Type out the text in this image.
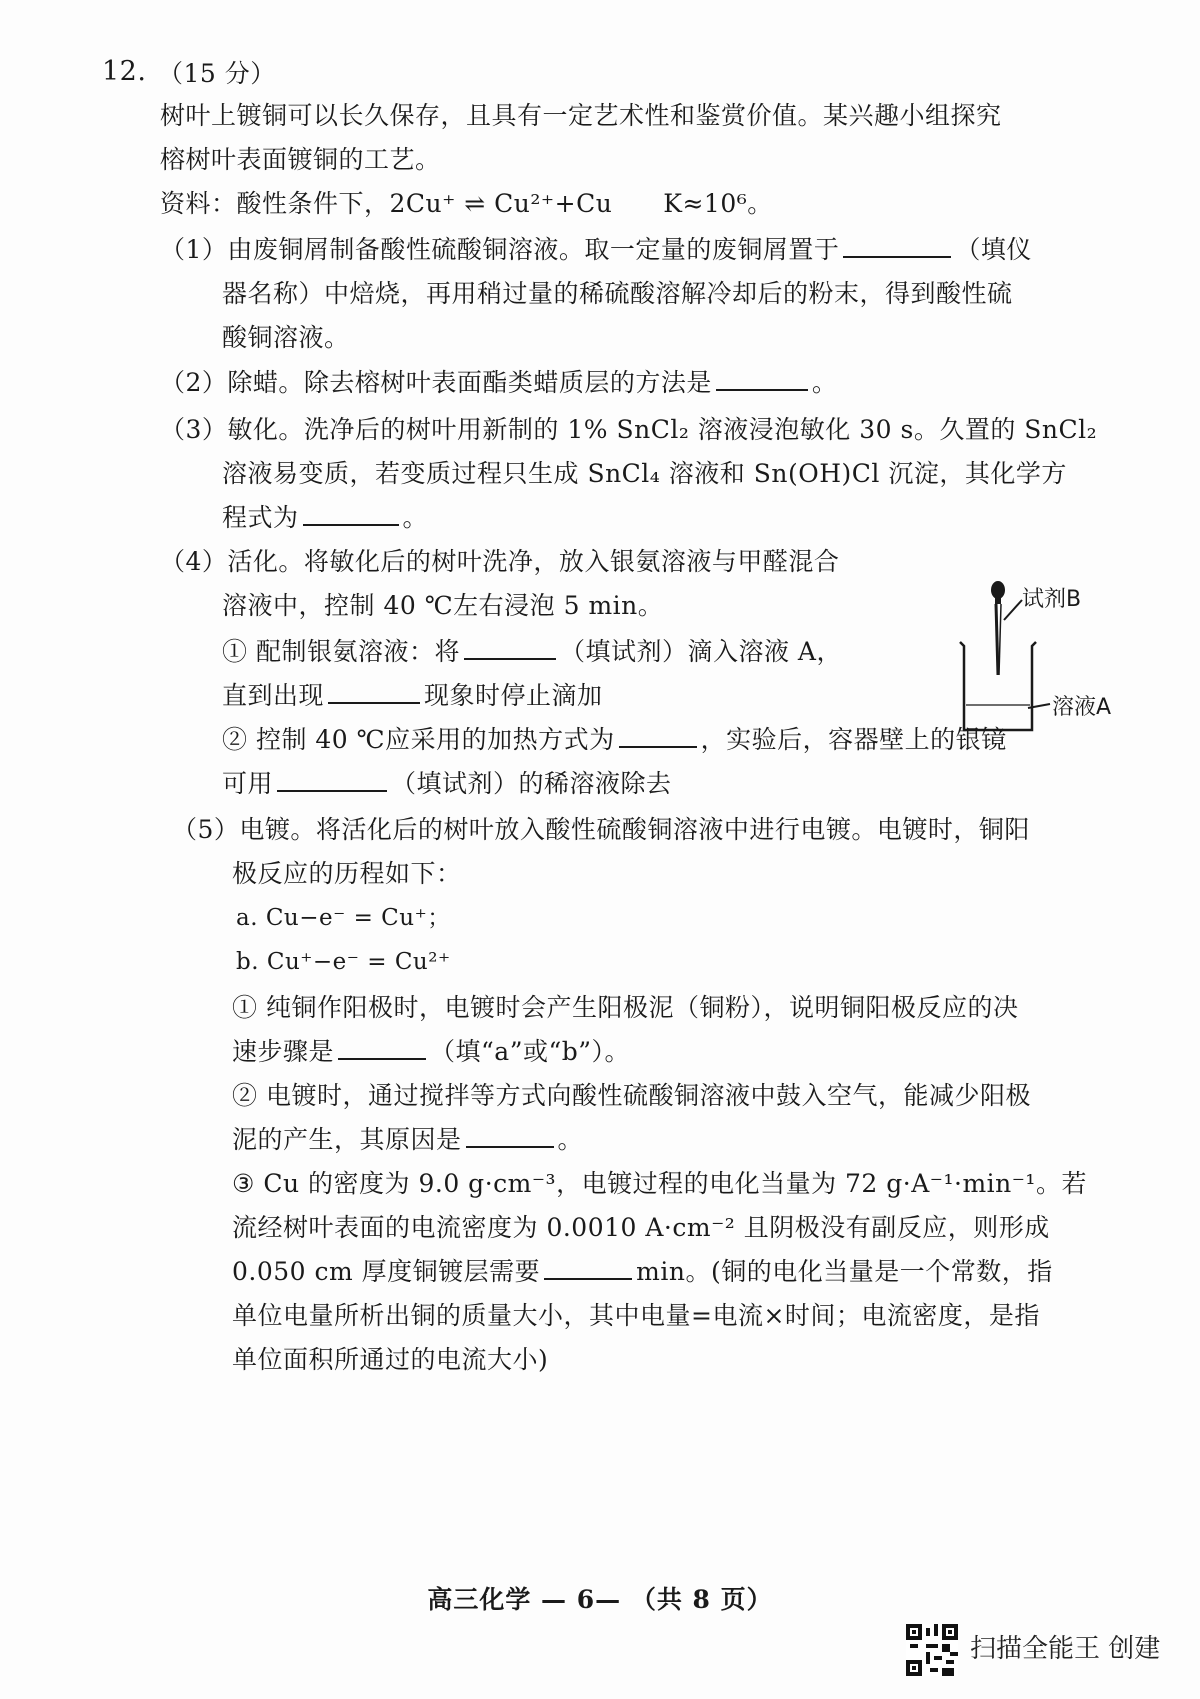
12. （15 分）
树叶上镀铜可以长久保存，且具有一定艺术性和鉴赏价值。某兴趣小组探究
榕树叶表面镀铜的工艺。
资料：酸性条件下，2Cu⁺ ⇌ Cu²⁺+Cu　　K≈10⁶。
（1）由废铜屑制备酸性硫酸铜溶液。取一定量的废铜屑置于	（填仪
器名称）中焙烧，再用稍过量的稀硫酸溶解冷却后的粉末，得到酸性硫
酸铜溶液。
（2）除蜡。除去榕树叶表面酯类蜡质层的方法是	。
（3）敏化。洗净后的树叶用新制的 1% SnCl₂ 溶液浸泡敏化 30 s。久置的 SnCl₂
溶液易变质，若变质过程只生成 SnCl₄ 溶液和 Sn(OH)Cl 沉淀，其化学方
程式为	。
（4）活化。将敏化后的树叶洗净，放入银氨溶液与甲醛混合
溶液中，控制 40 ℃左右浸泡 5 min。
① 配制银氨溶液：将	（填试剂）滴入溶液 A，
直到出现	现象时停止滴加
② 控制 40 ℃应采用的加热方式为	，实验后，容器壁上的银镜
可用	（填试剂）的稀溶液除去
试剂B
溶液A
（5）电镀。将活化后的树叶放入酸性硫酸铜溶液中进行电镀。电镀时，铜阳
极反应的历程如下：
a. Cu−e⁻ = Cu⁺；
b. Cu⁺−e⁻ = Cu²⁺
① 纯铜作阳极时，电镀时会产生阳极泥（铜粉），说明铜阳极反应的决
速步骤是	（填“a”或“b”）。
② 电镀时，通过搅拌等方式向酸性硫酸铜溶液中鼓入空气，能减少阳极
泥的产生，其原因是	。
③ Cu 的密度为 9.0 g·cm⁻³，电镀过程的电化当量为 72 g·A⁻¹·min⁻¹。若
流经树叶表面的电流密度为 0.0010 A·cm⁻² 且阴极没有副反应，则形成
0.050 cm 厚度铜镀层需要	min。(铜的电化当量是一个常数，指
单位电量所析出铜的质量大小，其中电量=电流×时间；电流密度，是指
单位面积所通过的电流大小)
高三化学 — 6— （共 8 页）
扫描全能王 创建
